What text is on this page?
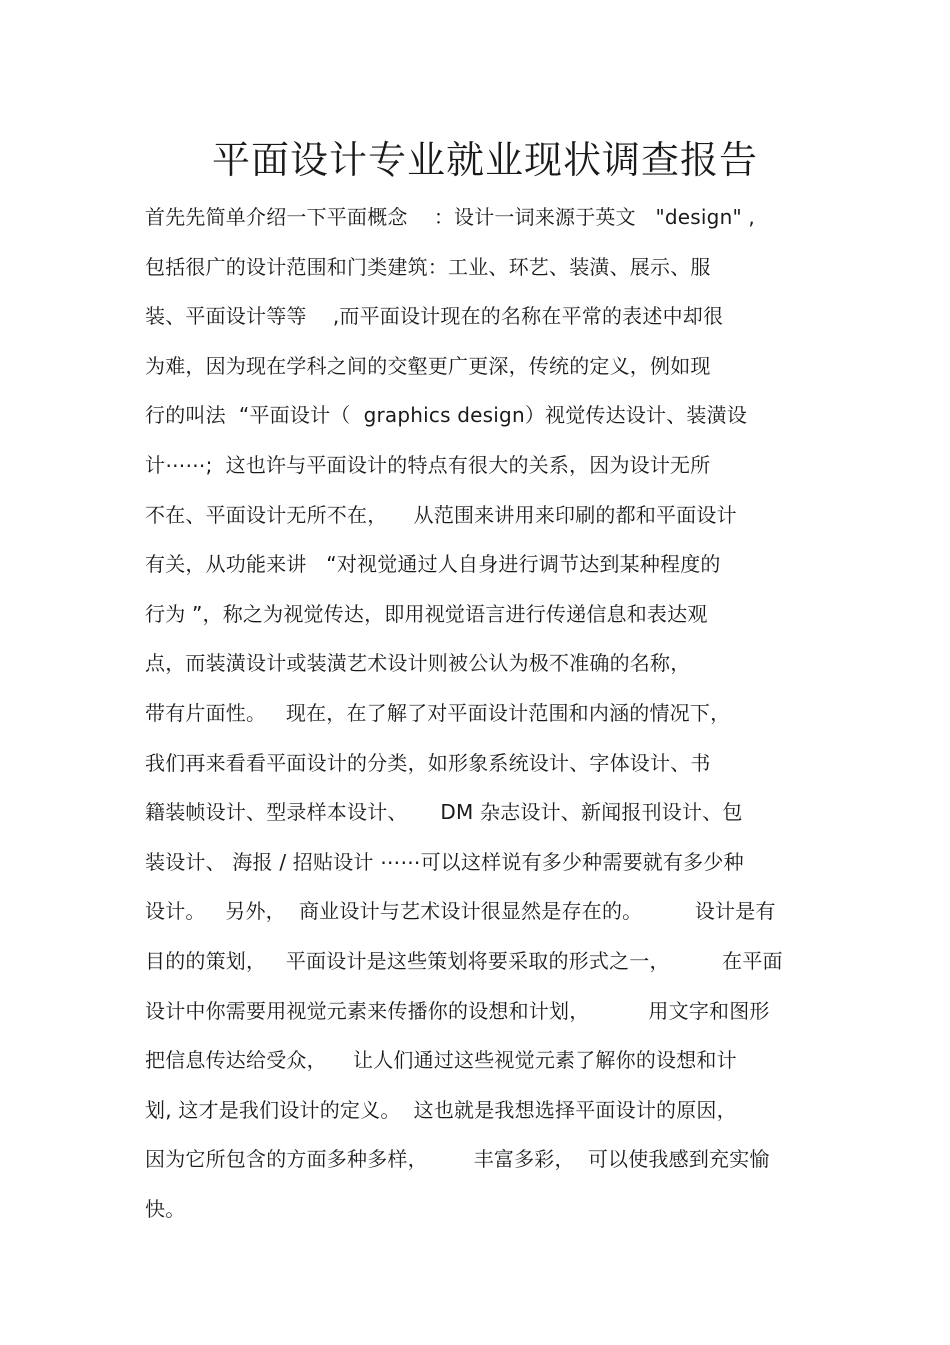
平面设计专业就业现状调查报告
首先先简单介绍一下平面概念    ：设计一词来源于英文   "design" ,
包括很广的设计范围和门类建筑：工业、环艺、装潢、展示、服
装、平面设计等等    ,而平面设计现在的名称在平常的表述中却很
为难，因为现在学科之间的交壑更广更深，传统的定义，例如现
行的叫法  “平面设计（  graphics design）视觉传达设计、装潢设
计⋯⋯;  这也许与平面设计的特点有很大的关系，因为设计无所
不在、平面设计无所不在，    从范围来讲用来印刷的都和平面设计
有关，从功能来讲   “对视觉通过人自身进行调节达到某种程度的
行为 ”，称之为视觉传达，即用视觉语言进行传递信息和表达观
点，而装潢设计或装潢艺术设计则被公认为极不准确的名称，
带有片面性。   现在，在了解了对平面设计范围和内涵的情况下，
我们再来看看平面设计的分类，如形象系统设计、字体设计、书
籍装帧设计、型录样本设计、     DM 杂志设计、新闻报刊设计、包
装设计、 海报 / 招贴设计 ⋯⋯可以这样说有多少种需要就有多少种
设计。   另外，  商业设计与艺术设计很显然是存在的。        设计是有
目的的策划，   平面设计是这些策划将要采取的形式之一，        在平面
设计中你需要用视觉元素来传播你的设想和计划，         用文字和图形
把信息传达给受众，    让人们通过这些视觉元素了解你的设想和计
划, 这才是我们设计的定义。  这也就是我想选择平面设计的原因，
因为它所包含的方面多种多样，       丰富多彩，  可以使我感到充实愉
快。
